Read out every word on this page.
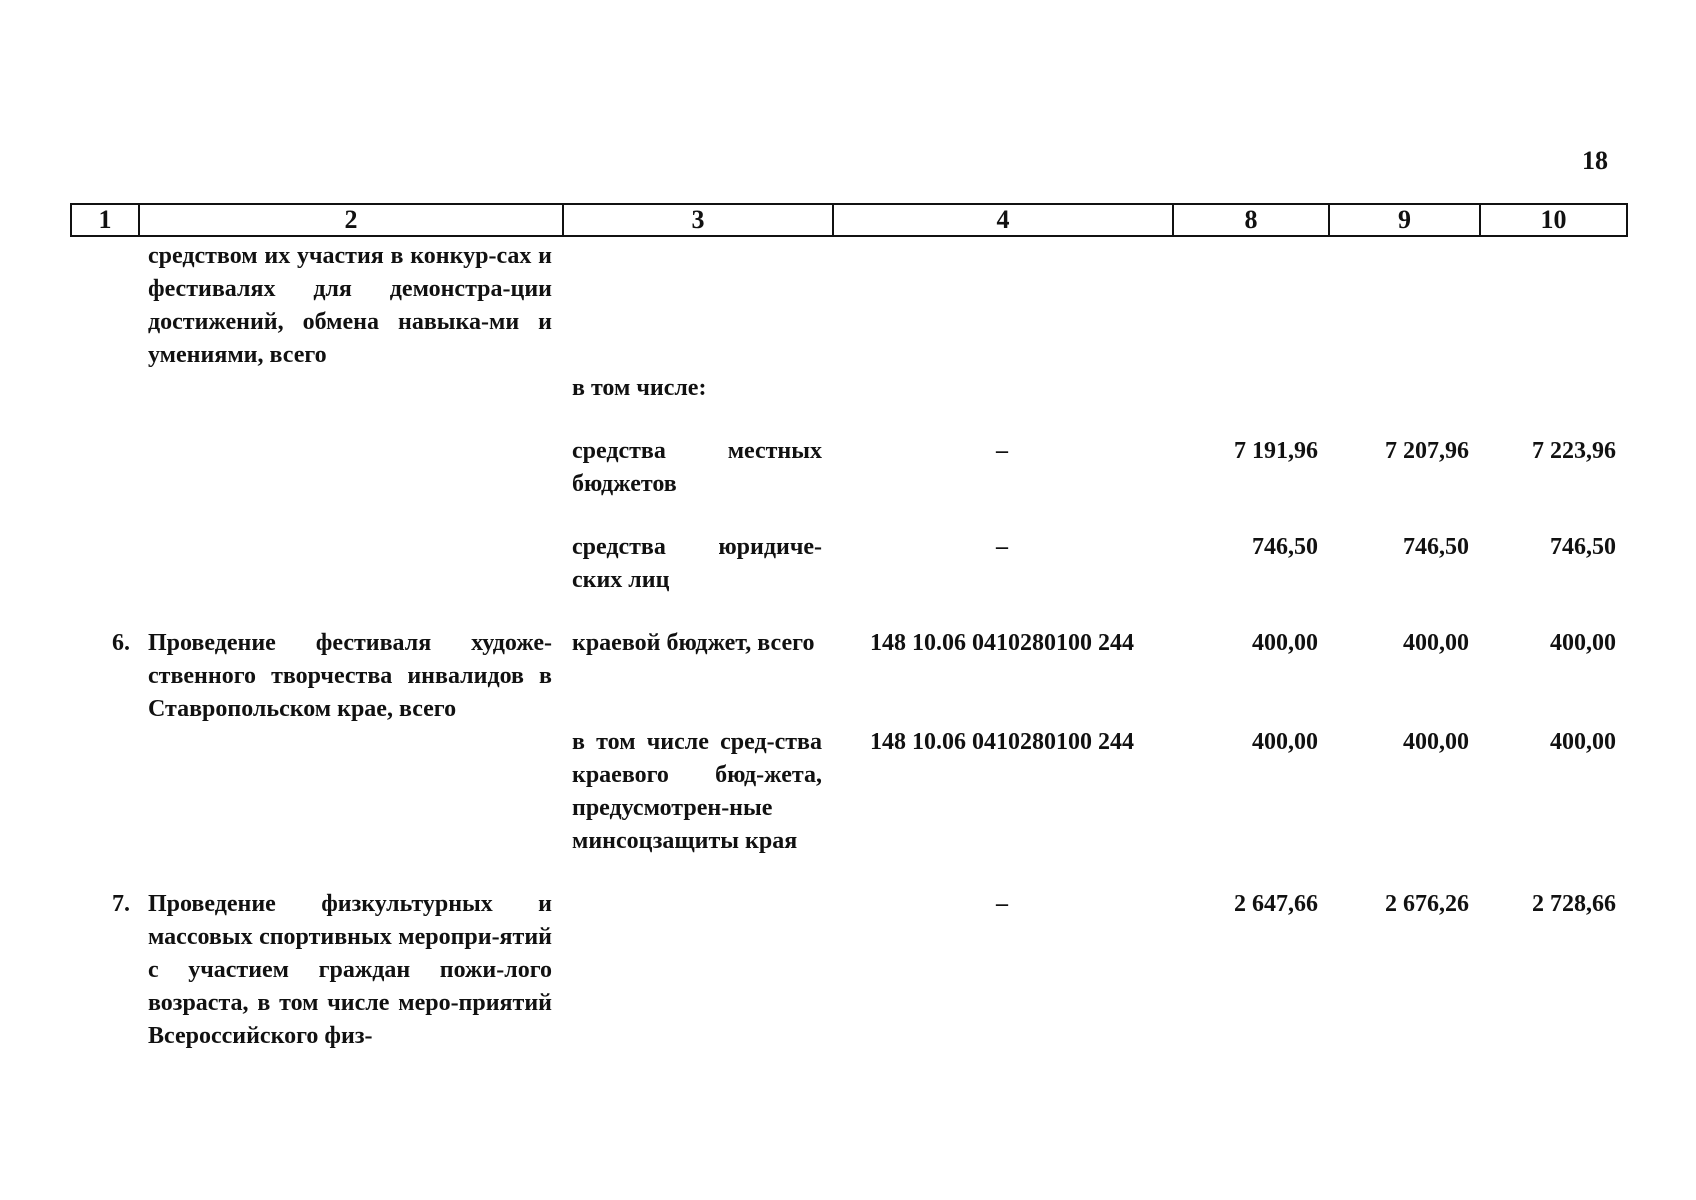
18
1	2	3	4	8	9	10
	средством их участия в конкур-сах и фестивалях для демонстра-ции достижений, обмена навыка-ми и умениями, всего					
		в том числе:				

		средства местных бюджетов	–	7 191,96	7 207,96	7 223,96

		средства юридиче-ских лиц	–	746,50	746,50	746,50

6.	Проведение фестиваля художе-ственного творчества инвалидов в Ставропольском крае, всего	краевой бюджет, всего	148 10.06 0410280100 244	400,00	400,00	400,00
		в том числе сред-ства краевого бюд-жета, предусмотрен-ные минсоцзащиты края	148 10.06 0410280100 244	400,00	400,00	400,00

7.	Проведение физкультурных и массовых спортивных меропри-ятий с участием граждан пожи-лого возраста, в том числе меро-приятий Всероссийского физ-		–	2 647,66	2 676,26	2 728,66
